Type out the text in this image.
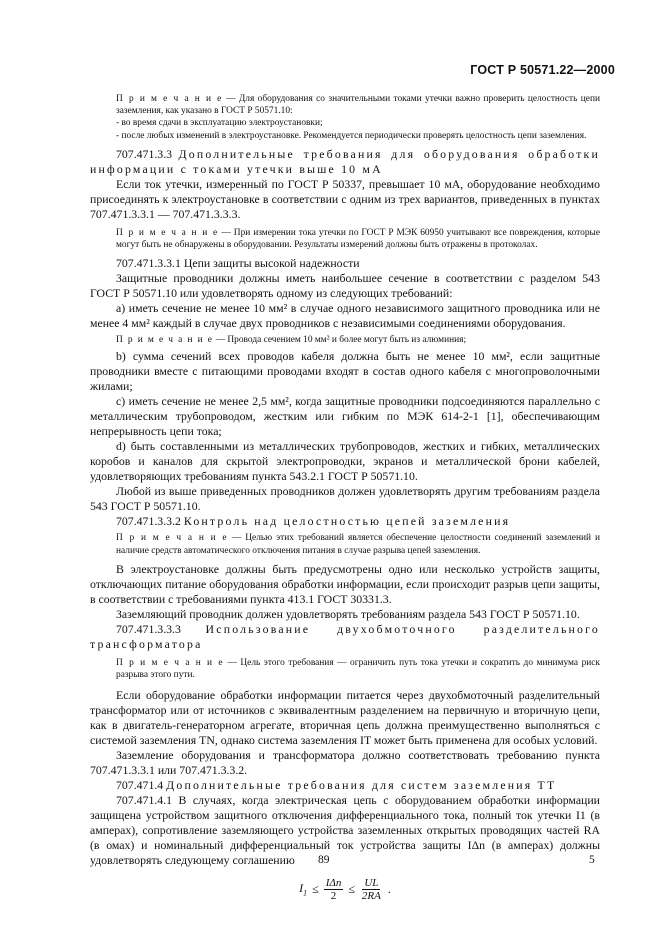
ГОСТ Р 50571.22—2000

П р и м е ч а н и е — Для оборудования со значительными токами утечки важно проверить целостность цепи заземления, как указано в ГОСТ Р 50571.10:

- во время сдачи в эксплуатацию электроустановки;

- после любых изменений в электроустановке. Рекомендуется периодически проверять целостность цепи заземления.

707.471.3.3 Дополнительные требования для оборудования обработки информации с токами утечки выше 10 мА

Если ток утечки, измеренный по ГОСТ Р 50337, превышает 10 мА, оборудование необходимо присоединять к электроустановке в соответствии с одним из трех вариантов, приведенных в пунктах 707.471.3.3.1 — 707.471.3.3.3.

П р и м е ч а н и е — При измерении тока утечки по ГОСТ Р МЭК 60950 учитывают все повреждения, которые могут быть не обнаружены в оборудовании. Результаты измерений должны быть отражены в протоколах.

707.471.3.3.1 Цепи защиты высокой надежности

Защитные проводники должны иметь наибольшее сечение в соответствии с разделом 543 ГОСТ Р 50571.10 или удовлетворять одному из следующих требований:

а) иметь сечение не менее 10 мм² в случае одного независимого защитного проводника или не менее 4 мм² каждый в случае двух проводников с независимыми соединениями оборудования.

П р и м е ч а н и е — Провода сечением 10 мм² и более могут быть из алюминия;

b) сумма сечений всех проводов кабеля должна быть не менее 10 мм², если защитные проводники вместе с питающими проводами входят в состав одного кабеля с многопроволочными жилами;

с) иметь сечение не менее 2,5 мм², когда защитные проводники подсоединяются параллельно с металлическим трубопроводом, жестким или гибким по МЭК 614-2-1 [1], обеспечивающим непрерывность цепи тока;

d) быть составленными из металлических трубопроводов, жестких и гибких, металлических коробов и каналов для скрытой электропроводки, экранов и металлической брони кабелей, удовлетворяющих требованиям пункта 543.2.1 ГОСТ Р 50571.10.

Любой из выше приведенных проводников должен удовлетворять другим требованиям раздела 543 ГОСТ Р 50571.10.

707.471.3.3.2 Контроль над целостностью цепей заземления

П р и м е ч а н и е — Целью этих требований является обеспечение целостности соединений заземлений и наличие средств автоматического отключения питания в случае разрыва цепей заземления.

В электроустановке должны быть предусмотрены одно или несколько устройств защиты, отключающих питание оборудования обработки информации, если происходит разрыв цепи защиты, в соответствии с требованиями пункта 413.1 ГОСТ 30331.3.

Заземляющий проводник должен удовлетворять требованиям раздела 543 ГОСТ Р 50571.10.

707.471.3.3.3 Использование двухобмоточного разделительного трансформатора

П р и м е ч а н и е — Цель этого требования — ограничить путь тока утечки и сократить до минимума риск разрыва этого пути.

Если оборудование обработки информации питается через двухобмоточный разделительный трансформатор или от источников с эквивалентным разделением на первичную и вторичную цепи, как в двигатель-генераторном агрегате, вторичная цепь должна преимущественно выполняться с системой заземления TN, однако система заземления IT может быть применена для особых условий.

Заземление оборудования и трансформатора должно соответствовать требованию пункта 707.471.3.3.1 или 707.471.3.3.2.

707.471.4 Дополнительные требования для систем заземления ТТ

707.471.4.1 В случаях, когда электрическая цепь с оборудованием обработки информации защищена устройством защитного отключения дифференциального тока, полный ток утечки I1 (в амперах), сопротивление заземляющего устройства заземленных открытых проводящих частей RA (в омах) и номинальный дифференциальный ток устройства защиты IΔn (в амперах) должны удовлетворять следующему соглашению

$I_1 \le \frac{\text{IΔn}}{2} \le \frac{UL}{2RA}$ .
89	5
